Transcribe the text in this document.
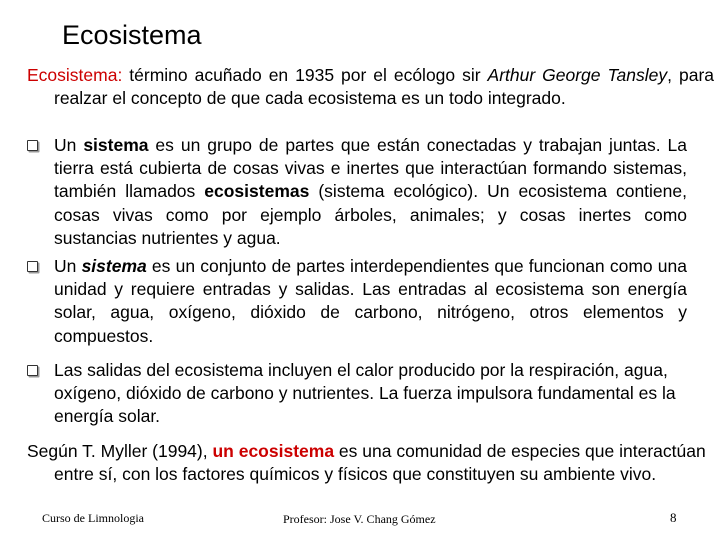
Ecosistema
Ecosistema: término acuñado en 1935 por el ecólogo sir Arthur George Tansley, para realzar el concepto de que cada ecosistema es un todo integrado.
Un sistema es un grupo de partes que están conectadas y trabajan juntas. La tierra está cubierta de cosas vivas e inertes que interactúan formando sistemas, también llamados ecosistemas (sistema ecológico). Un ecosistema contiene, cosas vivas como por ejemplo árboles, animales; y cosas inertes como sustancias nutrientes y agua.
Un sistema es un conjunto de partes interdependientes que funcionan como una unidad y requiere entradas y salidas. Las entradas al ecosistema son energía solar, agua, oxígeno, dióxido de carbono, nitrógeno, otros elementos y compuestos.
Las salidas del ecosistema incluyen el calor producido por la respiración, agua, oxígeno, dióxido de carbono y nutrientes. La fuerza impulsora fundamental es la energía solar.
Según T. Myller (1994), un ecosistema es una comunidad de especies que interactúan entre sí, con los factores químicos y físicos que constituyen su ambiente vivo.
Curso de Limnologia	Profesor: Jose V. Chang Gómez	8
